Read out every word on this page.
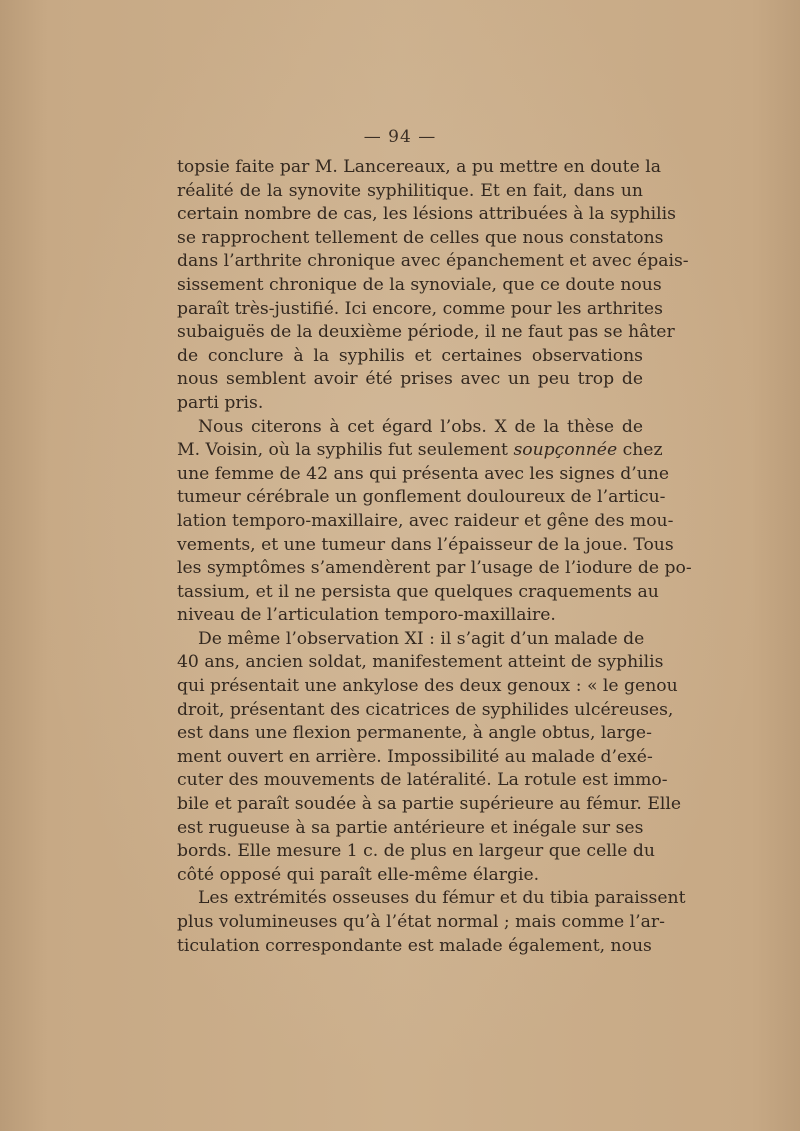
— 94 —
topsie faite par M. Lancereaux, a pu mettre en doute la
réalité de la synovite syphilitique. Et en fait, dans un
certain nombre de cas, les lésions attribuées à la syphilis
se rapprochent tellement de celles que nous constatons
dans l’arthrite chronique avec épanchement et avec épais-
sissement chronique de la synoviale, que ce doute nous
paraît très-justifié. Ici encore, comme pour les arthrites
subaiguës de la deuxième période, il ne faut pas se hâter
de conclure à la syphilis et certaines observations
nous semblent avoir été prises avec un peu trop de
parti pris.
Nous citerons à cet égard l’obs. X de la thèse de
M. Voisin, où la syphilis fut seulement soupçonnée chez
une femme de 42 ans qui présenta avec les signes d’une
tumeur cérébrale un gonflement douloureux de l’articu-
lation temporo-maxillaire, avec raideur et gêne des mou-
vements, et une tumeur dans l’épaisseur de la joue. Tous
les symptômes s’amendèrent par l’usage de l’iodure de po-
tassium, et il ne persista que quelques craquements au
niveau de l’articulation temporo-maxillaire.
De même l’observation XI : il s’agit d’un malade de
40 ans, ancien soldat, manifestement atteint de syphilis
qui présentait une ankylose des deux genoux : « le genou
droit, présentant des cicatrices de syphilides ulcéreuses,
est dans une flexion permanente, à angle obtus, large-
ment ouvert en arrière. Impossibilité au malade d’exé-
cuter des mouvements de latéralité. La rotule est immo-
bile et paraît soudée à sa partie supérieure au fémur. Elle
est rugueuse à sa partie antérieure et inégale sur ses
bords. Elle mesure 1 c. de plus en largeur que celle du
côté opposé qui paraît elle-même élargie.
Les extrémités osseuses du fémur et du tibia paraissent
plus volumineuses qu’à l’état normal ; mais comme l’ar-
ticulation correspondante est malade également, nous
